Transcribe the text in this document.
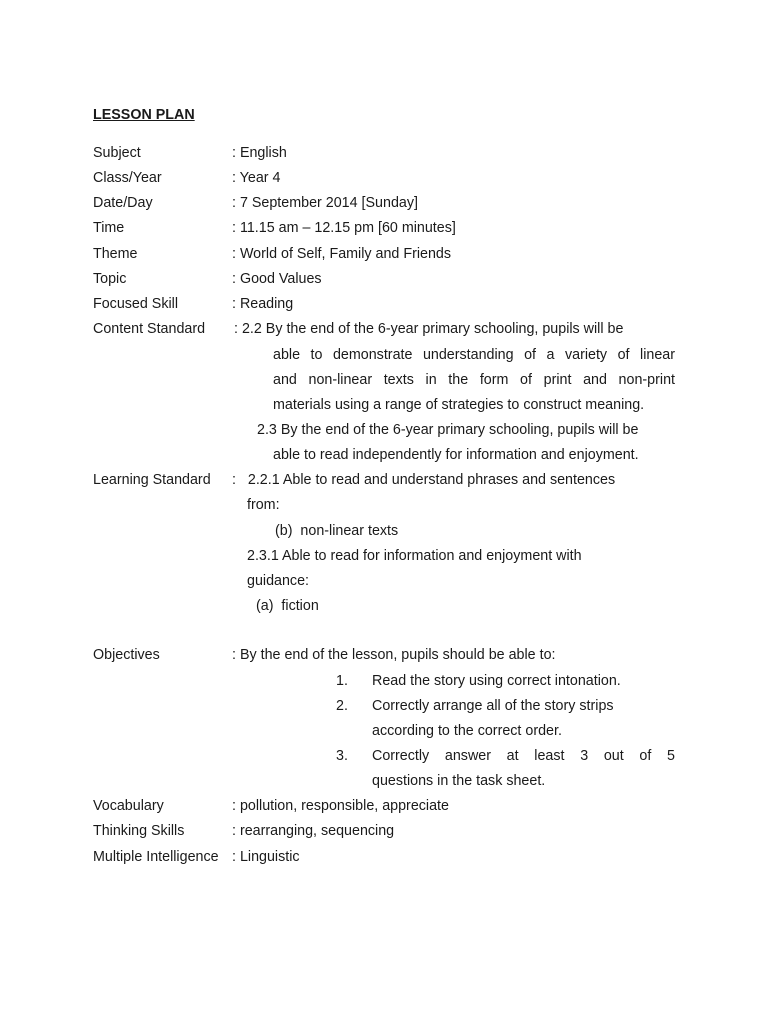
LESSON PLAN
Subject	: English
Class/Year	: Year 4
Date/Day	: 7 September 2014 [Sunday]
Time	: 11.15 am – 12.15 pm [60 minutes]
Theme	: World of Self, Family and Friends
Topic	: Good Values
Focused Skill	: Reading
Content Standard : 2.2 By the end of the 6-year primary schooling, pupils will be
able to demonstrate understanding of a variety of linear
and non-linear texts in the form of print and non-print
materials using a range of strategies to construct meaning.
2.3 By the end of the 6-year primary schooling, pupils will be
able to read independently for information and enjoyment.
Learning Standard :   2.2.1 Able to read and understand phrases and sentences
from:
(b)  non-linear texts
2.3.1 Able to read for information and enjoyment with
guidance:
(a)  fiction
Objectives	: By the end of the lesson, pupils should be able to:
1. Read the story using correct intonation.
2. Correctly arrange all of the story strips
according to the correct order.
3. Correctly answer at least 3 out of 5
questions in the task sheet.
Vocabulary	: pollution, responsible, appreciate
Thinking Skills	: rearranging, sequencing
Multiple Intelligence : Linguistic
